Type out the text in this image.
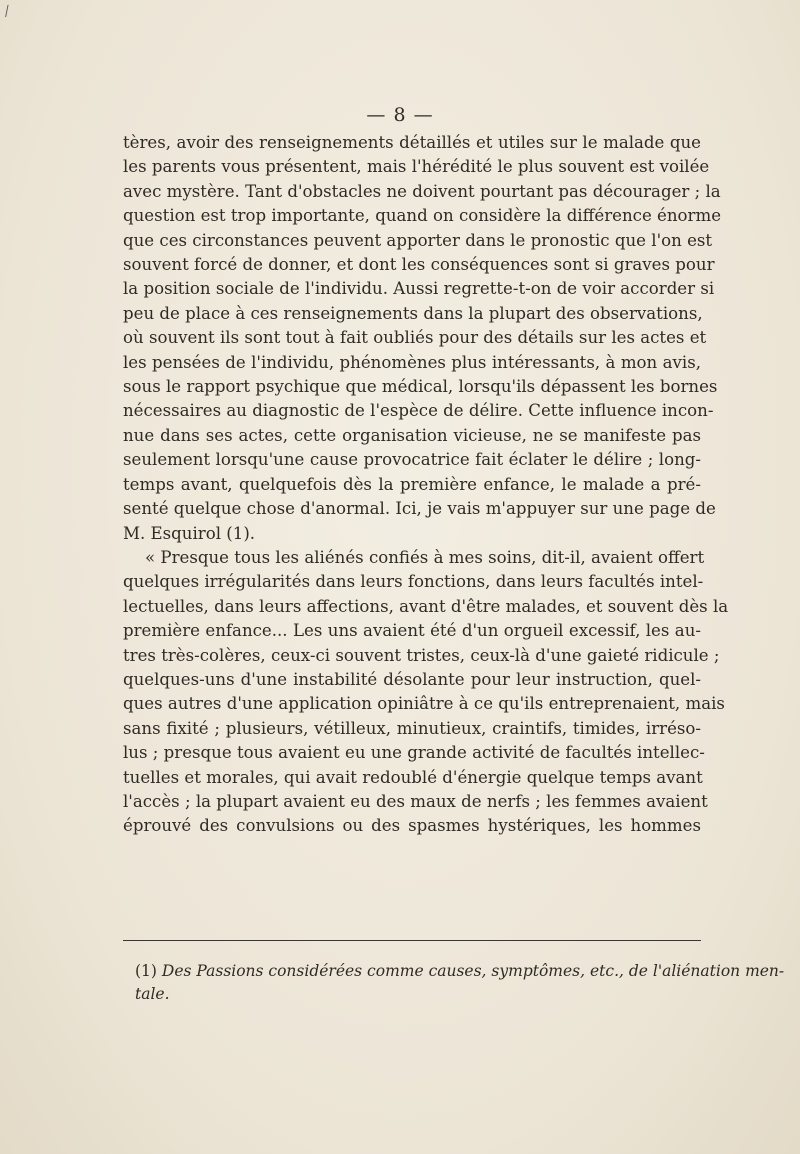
⁄
— 8 —
tères, avoir des renseignements détaillés et utiles sur le malade que
les parents vous présentent, mais l'hérédité le plus souvent est voilée
avec mystère. Tant d'obstacles ne doivent pourtant pas décourager ; la
question est trop importante, quand on considère la différence énorme
que ces circonstances peuvent apporter dans le pronostic que l'on est
souvent forcé de donner, et dont les conséquences sont si graves pour
la position sociale de l'individu. Aussi regrette-t-on de voir accorder si
peu de place à ces renseignements dans la plupart des observations,
où souvent ils sont tout à fait oubliés pour des détails sur les actes et
les pensées de l'individu, phénomènes plus intéressants, à mon avis,
sous le rapport psychique que médical, lorsqu'ils dépassent les bornes
nécessaires au diagnostic de l'espèce de délire. Cette influence incon-
nue dans ses actes, cette organisation vicieuse, ne se manifeste pas
seulement lorsqu'une cause provocatrice fait éclater le délire ; long-
temps avant, quelquefois dès la première enfance, le malade a pré-
senté quelque chose d'anormal. Ici, je vais m'appuyer sur une page de
M. Esquirol (1).
« Presque tous les aliénés confiés à mes soins, dit-il, avaient offert
quelques irrégularités dans leurs fonctions, dans leurs facultés intel-
lectuelles, dans leurs affections, avant d'être malades, et souvent dès la
première enfance... Les uns avaient été d'un orgueil excessif, les au-
tres très-colères, ceux-ci souvent tristes, ceux-là d'une gaieté ridicule ;
quelques-uns d'une instabilité désolante pour leur instruction, quel-
ques autres d'une application opiniâtre à ce qu'ils entreprenaient, mais
sans fixité ; plusieurs, vétilleux, minutieux, craintifs, timides, irréso-
lus ; presque tous avaient eu une grande activité de facultés intellec-
tuelles et morales, qui avait redoublé d'énergie quelque temps avant
l'accès ; la plupart avaient eu des maux de nerfs ; les femmes avaient
éprouvé des convulsions ou des spasmes hystériques, les hommes
(1) Des Passions considérées comme causes, symptômes, etc., de l'aliénation men-
tale.
